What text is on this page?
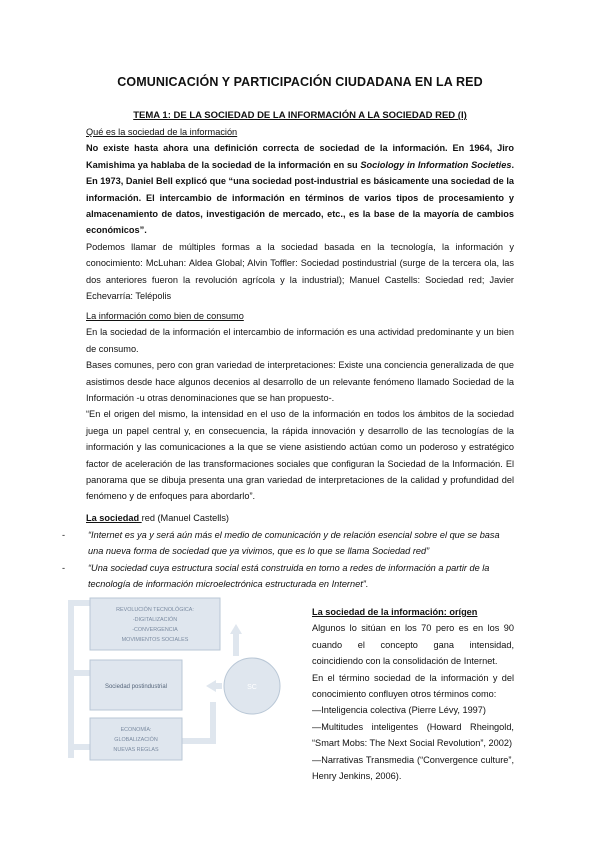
COMUNICACIÓN Y PARTICIPACIÓN CIUDADANA EN LA RED
TEMA 1: DE LA SOCIEDAD DE LA INFORMACIÓN A LA SOCIEDAD RED (I)
Qué es la sociedad de la información

No existe hasta ahora una definición correcta de sociedad de la información. En 1964, Jiro Kamishima ya hablaba de la sociedad de la información en su Sociology in Information Societies. En 1973, Daniel Bell explicó que “una sociedad post-industrial es básicamente una sociedad de la información. El intercambio de información en términos de varios tipos de procesamiento y almacenamiento de datos, investigación de mercado, etc., es la base de la mayoría de cambios económicos”.

Podemos llamar de múltiples formas a la sociedad basada en la tecnología, la información y conocimiento: McLuhan: Aldea Global; Alvin Toffler: Sociedad postindustrial (surge de la tercera ola, las dos anteriores fueron la revolución agrícola y la industrial); Manuel Castells: Sociedad red; Javier Echevarría: Telépolis

La información como bien de consumo

En la sociedad de la información el intercambio de información es una actividad predominante y un bien de consumo.

Bases comunes, pero con gran variedad de interpretaciones: Existe una conciencia generalizada de que asistimos desde hace algunos decenios al desarrollo de un relevante fenómeno llamado Sociedad de la Información -u otras denominaciones que se han propuesto-.

“En el origen del mismo, la intensidad en el uso de la información en todos los ámbitos de la sociedad juega un papel central y, en consecuencia, la rápida innovación y desarrollo de las tecnologías de la información y las comunicaciones a la que se viene asistiendo actúan como un poderoso y estratégico factor de aceleración de las transformaciones sociales que configuran la Sociedad de la Información. El panorama que se dibuja presenta una gran variedad de interpretaciones de la calidad y profundidad del fenómeno y de enfoques para abordarlo”.

La sociedad red (Manuel Castells)
- “Internet es ya y será aún más el medio de comunicación y de relación esencial sobre el que se basa una nueva forma de sociedad que ya vivimos, que es lo que se llama Sociedad red”
- “Una sociedad cuya estructura social está construida en torno a redes de información a partir de la tecnología de información microelectrónica estructurada en Internet”.
REVOLUCIÓN TECNOLÓGICA:
-DIGITALIZACIÓN
-CONVERGENCIA
MOVIMIENTOS SOCIALES
Sociedad postindustrial	SC
ECONOMÍA:
GLOBALIZACIÓN
NUEVAS REGLAS
La sociedad de la información: orígen

Algunos lo sitúan en los 70 pero es en los 90 cuando el concepto gana intensidad, coincidiendo con la consolidación de Internet.

En el término sociedad de la información y del conocimiento confluyen otros términos como:

—Inteligencia colectiva (Pierre Lévy, 1997)

—Multitudes inteligentes (Howard Rheingold, “Smart Mobs: The Next Social Revolution”, 2002)

—Narrativas Transmedia (“Convergence culture”, Henry Jenkins, 2006).
